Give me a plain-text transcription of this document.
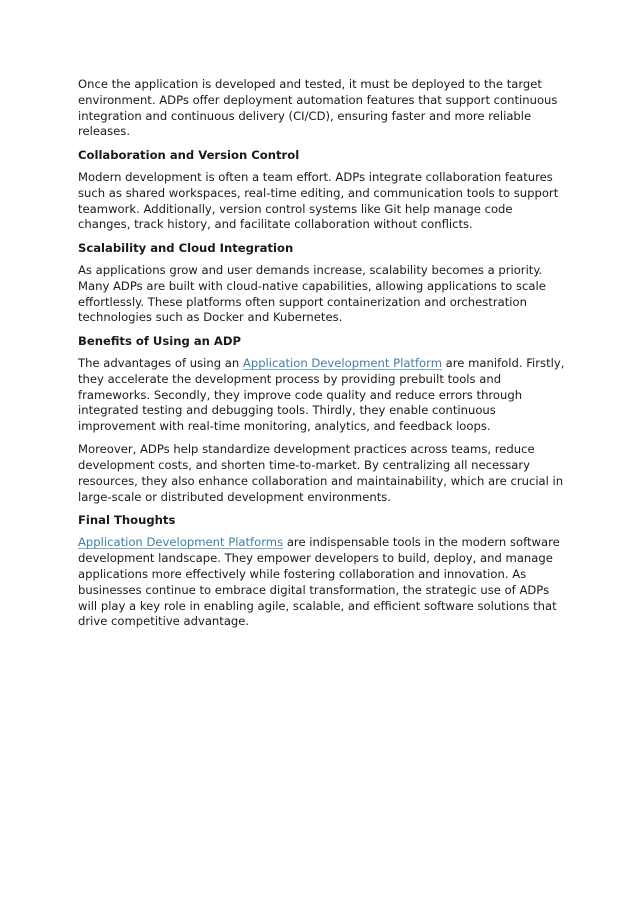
Once the application is developed and tested, it must be deployed to the target environment. ADPs offer deployment automation features that support continuous integration and continuous delivery (CI/CD), ensuring faster and more reliable releases.

Collaboration and Version Control

Modern development is often a team effort. ADPs integrate collaboration features such as shared workspaces, real-time editing, and communication tools to support teamwork. Additionally, version control systems like Git help manage code changes, track history, and facilitate collaboration without conflicts.

Scalability and Cloud Integration

As applications grow and user demands increase, scalability becomes a priority. Many ADPs are built with cloud-native capabilities, allowing applications to scale effortlessly. These platforms often support containerization and orchestration technologies such as Docker and Kubernetes.

Benefits of Using an ADP

The advantages of using an Application Development Platform are manifold. Firstly, they accelerate the development process by providing prebuilt tools and frameworks. Secondly, they improve code quality and reduce errors through integrated testing and debugging tools. Thirdly, they enable continuous improvement with real-time monitoring, analytics, and feedback loops.

Moreover, ADPs help standardize development practices across teams, reduce development costs, and shorten time-to-market. By centralizing all necessary resources, they also enhance collaboration and maintainability, which are crucial in large-scale or distributed development environments.

Final Thoughts

Application Development Platforms are indispensable tools in the modern software development landscape. They empower developers to build, deploy, and manage applications more effectively while fostering collaboration and innovation. As businesses continue to embrace digital transformation, the strategic use of ADPs will play a key role in enabling agile, scalable, and efficient software solutions that drive competitive advantage.
